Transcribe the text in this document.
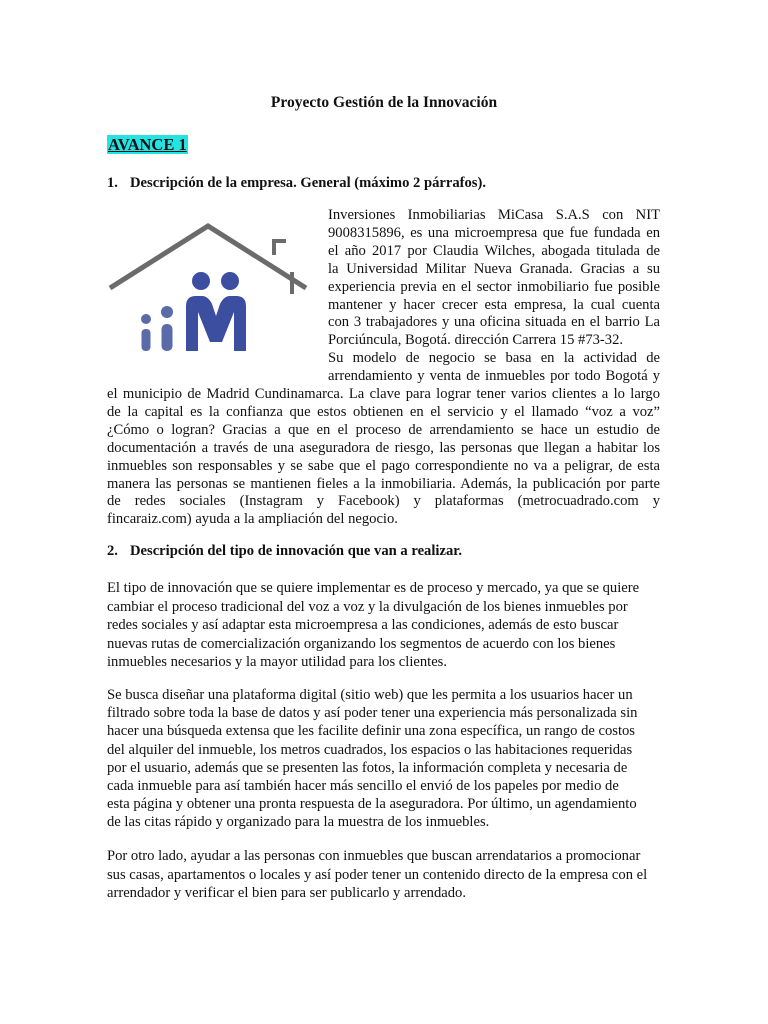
Proyecto Gestión de la Innovación
AVANCE 1
1. Descripción de la empresa. General (máximo 2 párrafos).
Inversiones Inmobiliarias MiCasa S.A.S con NIT
9008315896, es una microempresa que fue fundada en
el año 2017 por Claudia Wilches, abogada titulada de
la Universidad Militar Nueva Granada. Gracias a su
experiencia previa en el sector inmobiliario fue posible
mantener y hacer crecer esta empresa, la cual cuenta
con 3 trabajadores y una oficina situada en el barrio La
Porciúncula, Bogotá. dirección Carrera 15 #73-32.
Su modelo de negocio se basa en la actividad de
arrendamiento y venta de inmuebles por todo Bogotá y
el municipio de Madrid Cundinamarca. La clave para lograr tener varios clientes a lo largo
de la capital es la confianza que estos obtienen en el servicio y el llamado “voz a voz”
¿Cómo o logran? Gracias a que en el proceso de arrendamiento se hace un estudio de
documentación a través de una aseguradora de riesgo, las personas que llegan a habitar los
inmuebles son responsables y se sabe que el pago correspondiente no va a peligrar, de esta
manera las personas se mantienen fieles a la inmobiliaria. Además, la publicación por parte
de redes sociales (Instagram y Facebook) y plataformas (metrocuadrado.com y
fincaraiz.com) ayuda a la ampliación del negocio.
2. Descripción del tipo de innovación que van a realizar.
El tipo de innovación que se quiere implementar es de proceso y mercado, ya que se quiere
cambiar el proceso tradicional del voz a voz y la divulgación de los bienes inmuebles por
redes sociales y así adaptar esta microempresa a las condiciones, además de esto buscar
nuevas rutas de comercialización organizando los segmentos de acuerdo con los bienes
inmuebles necesarios y la mayor utilidad para los clientes.
Se busca diseñar una plataforma digital (sitio web) que les permita a los usuarios hacer un
filtrado sobre toda la base de datos y así poder tener una experiencia más personalizada sin
hacer una búsqueda extensa que les facilite definir una zona específica, un rango de costos
del alquiler del inmueble, los metros cuadrados, los espacios o las habitaciones requeridas
por el usuario, además que se presenten las fotos, la información completa y necesaria de
cada inmueble para así también hacer más sencillo el envió de los papeles por medio de
esta página y obtener una pronta respuesta de la aseguradora. Por último, un agendamiento
de las citas rápido y organizado para la muestra de los inmuebles.
Por otro lado, ayudar a las personas con inmuebles que buscan arrendatarios a promocionar
sus casas, apartamentos o locales y así poder tener un contenido directo de la empresa con el
arrendador y verificar el bien para ser publicarlo y arrendado.
